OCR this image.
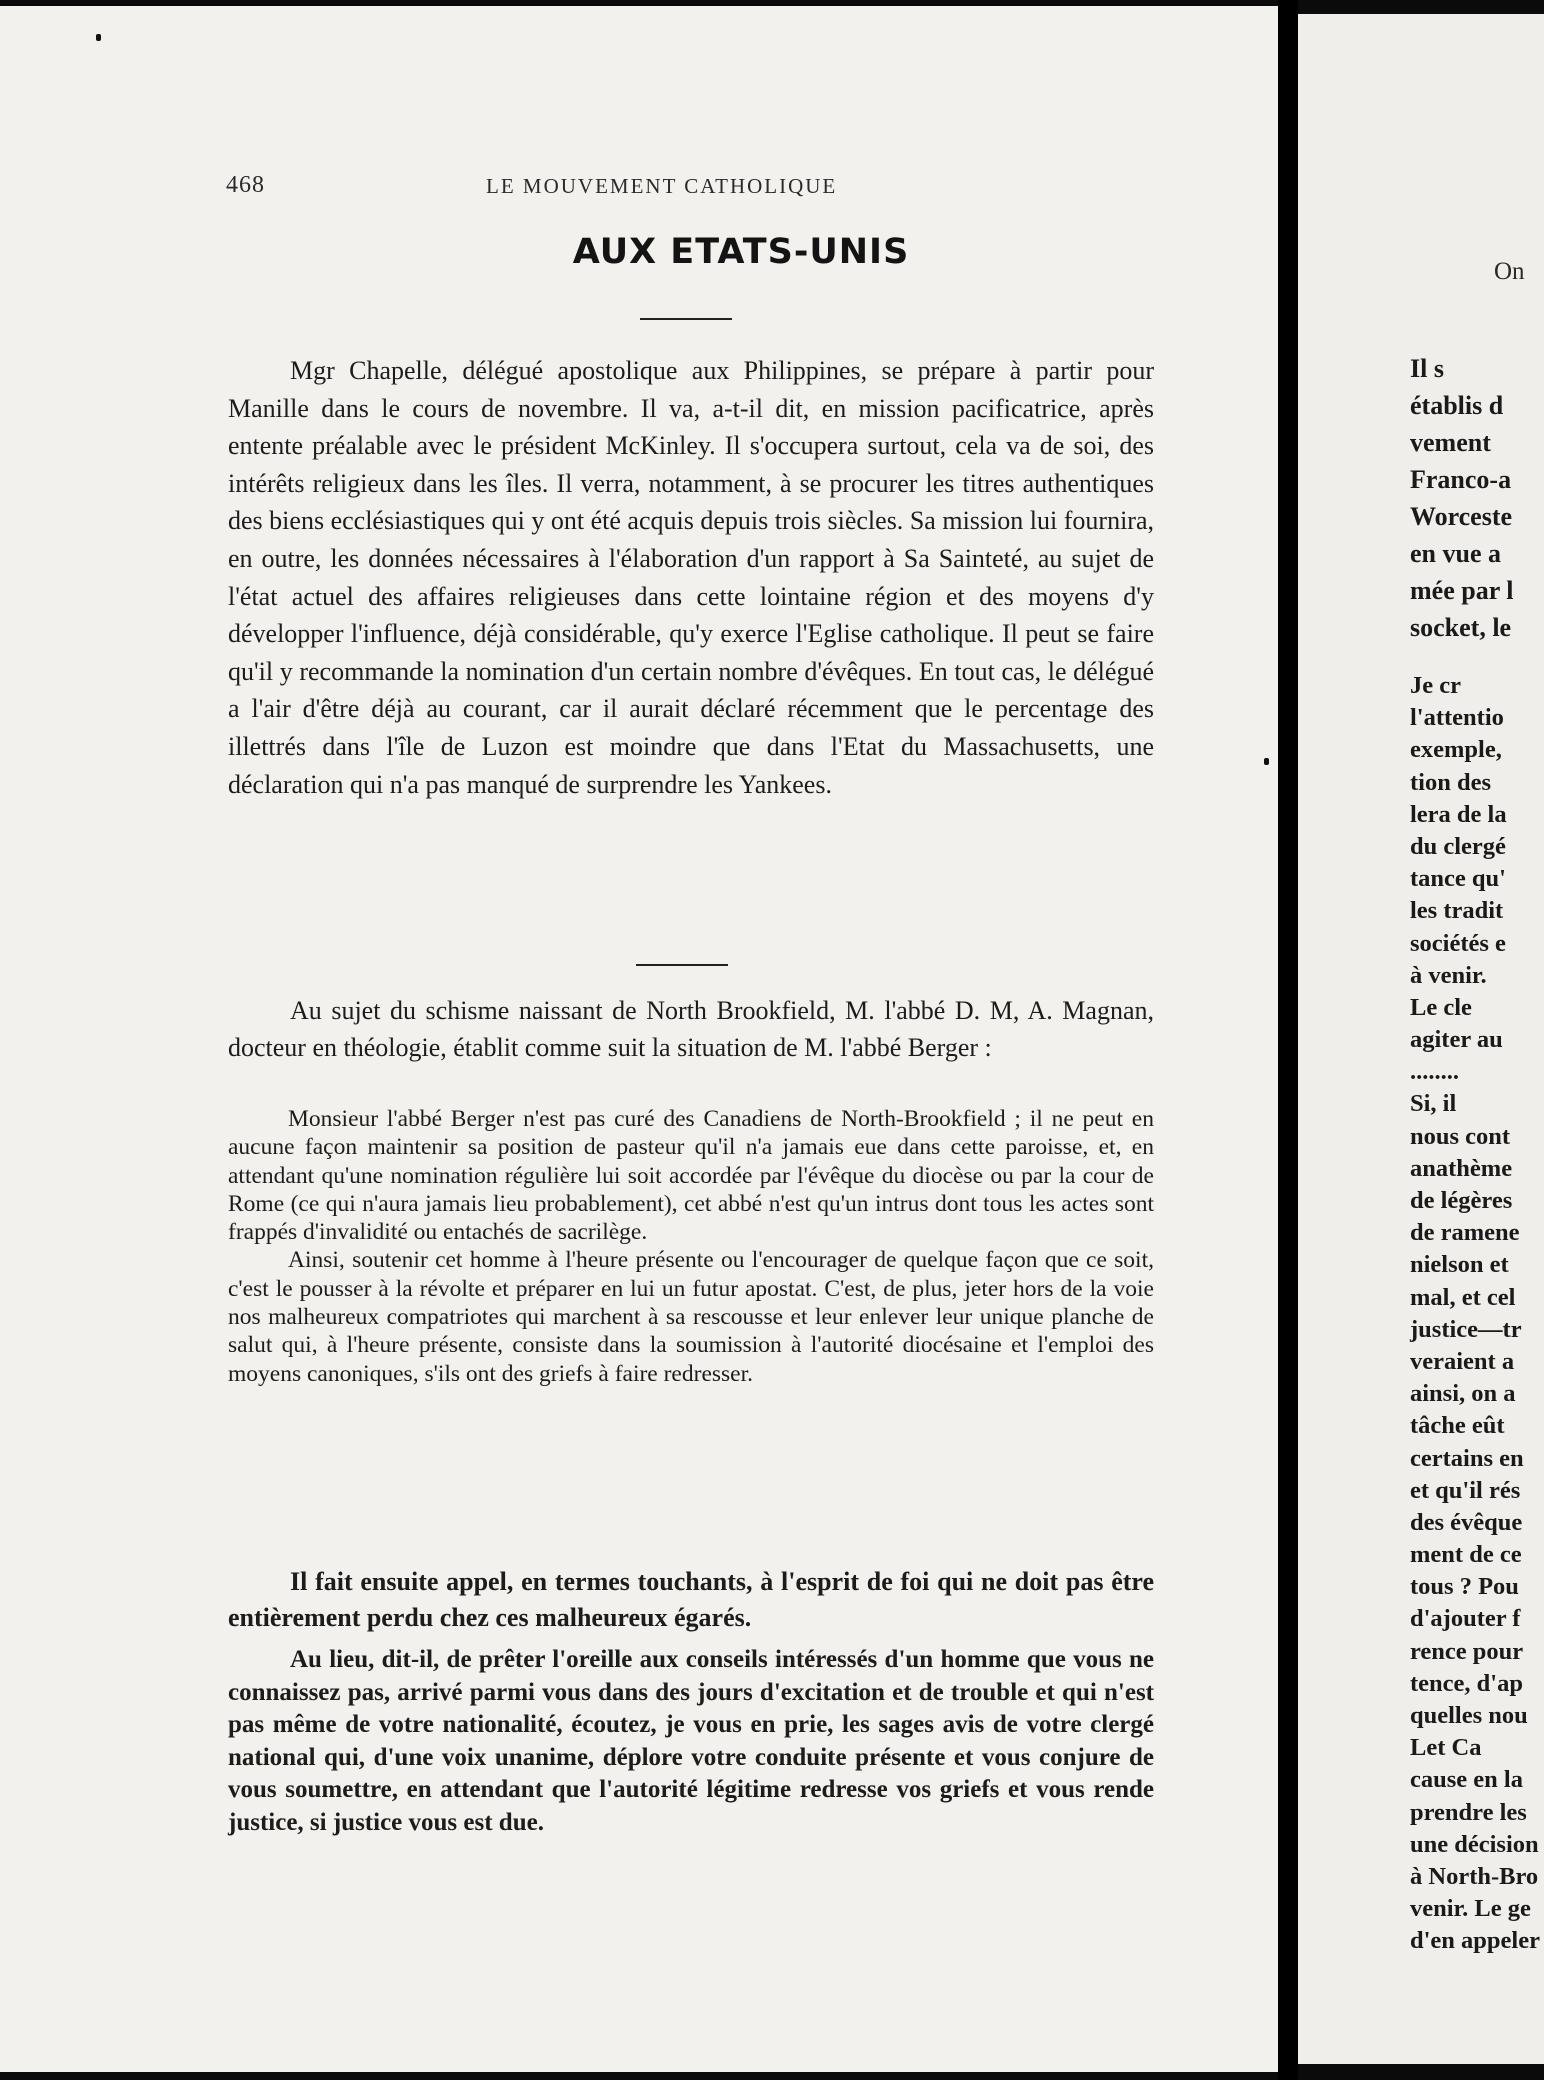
468	LE MOUVEMENT CATHOLIQUE
AUX ETATS-UNIS

Mgr Chapelle, délégué apostolique aux Philippines, se prépare à partir pour Manille dans le cours de novembre. Il va, a-t-il dit, en mission pacificatrice, après entente préalable avec le président McKinley. Il s'occupera surtout, cela va de soi, des intérêts religieux dans les îles. Il verra, notamment, à se procurer les titres authentiques des biens ecclésiastiques qui y ont été acquis depuis trois siècles. Sa mission lui fournira, en outre, les données nécessaires à l'élaboration d'un rapport à Sa Sainteté, au sujet de l'état actuel des affaires religieuses dans cette lointaine région et des moyens d'y développer l'influence, déjà considérable, qu'y exerce l'Eglise catholique. Il peut se faire qu'il y recommande la nomination d'un certain nombre d'évêques. En tout cas, le délégué a l'air d'être déjà au courant, car il aurait déclaré récemment que le percentage des illettrés dans l'île de Luzon est moindre que dans l'Etat du Massachusetts, une déclaration qui n'a pas manqué de surprendre les Yankees.

Au sujet du schisme naissant de North Brookfield, M. l'abbé D. M, A. Magnan, docteur en théologie, établit comme suit la situation de M. l'abbé Berger :

Monsieur l'abbé Berger n'est pas curé des Canadiens de North-Brookfield ; il ne peut en aucune façon maintenir sa position de pasteur qu'il n'a jamais eue dans cette paroisse, et, en attendant qu'une nomination régulière lui soit accordée par l'évêque du diocèse ou par la cour de Rome (ce qui n'aura jamais lieu probablement), cet abbé n'est qu'un intrus dont tous les actes sont frappés d'invalidité ou entachés de sacrilège.

Ainsi, soutenir cet homme à l'heure présente ou l'encourager de quelque façon que ce soit, c'est le pousser à la révolte et préparer en lui un futur apostat. C'est, de plus, jeter hors de la voie nos malheureux compatriotes qui marchent à sa rescousse et leur enlever leur unique planche de salut qui, à l'heure présente, consiste dans la soumission à l'autorité diocésaine et l'emploi des moyens canoniques, s'ils ont des griefs à faire redresser.

Il fait ensuite appel, en termes touchants, à l'esprit de foi qui ne doit pas être entièrement perdu chez ces malheureux égarés.

Au lieu, dit-il, de prêter l'oreille aux conseils intéressés d'un homme que vous ne connaissez pas, arrivé parmi vous dans des jours d'excitation et de trouble et qui n'est pas même de votre nationalité, écoutez, je vous en prie, les sages avis de votre clergé national qui, d'une voix unanime, déplore votre conduite présente et vous conjure de vous soumettre, en attendant que l'autorité légitime redresse vos griefs et vous rende justice, si justice vous est due.

On
Il s
établis d
vement
Franco-a
Worceste
en vue a
mée par l
socket, le
Je cr
l'attentio
exemple,
tion des
lera de la
du clergé
tance qu'
les tradit
sociétés e
à venir.
Le cle
agiter au
........
Si, il
nous cont
anathème
de légères
de ramene
nielson et
mal, et cel
justice—tr
veraient a
ainsi, on a
tâche eût
certains en
et qu'il rés
des évêque
ment de ce
tous ? Pou
d'ajouter f
rence pour
tence, d'ap
quelles nou
Let Ca
cause en la
prendre les
une décision
à North-Bro
venir. Le ge
d'en appeler
